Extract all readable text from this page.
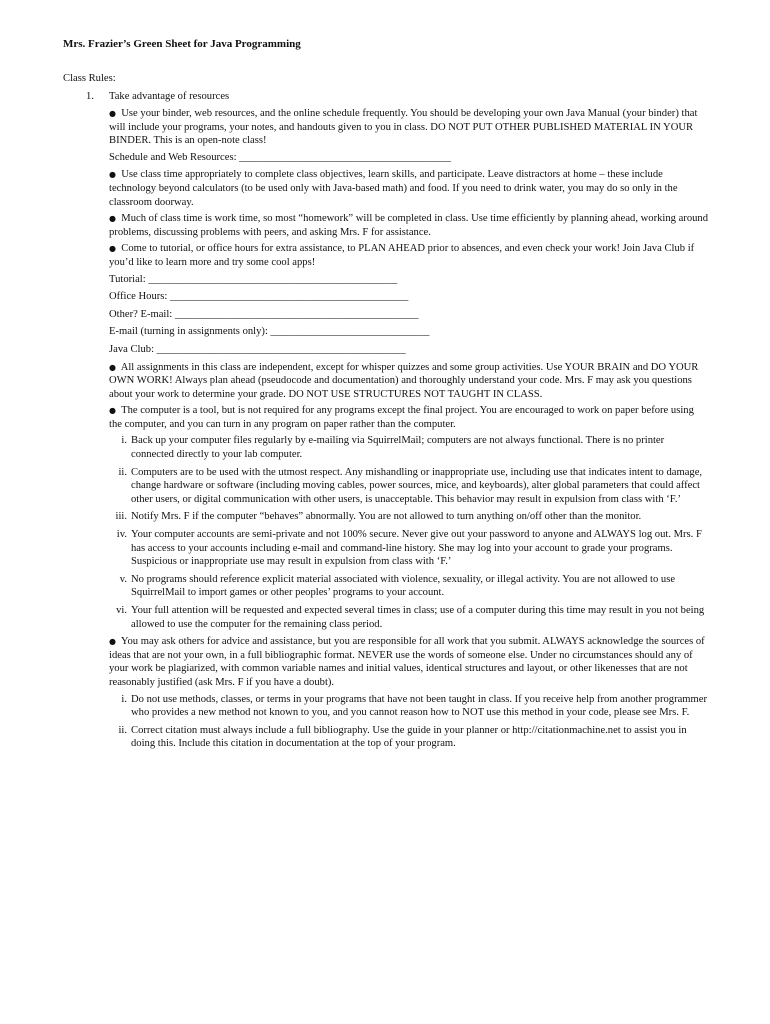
Mrs. Frazier’s Green Sheet for Java Programming
Class Rules:
1. Take advantage of resources
● Use your binder, web resources, and the online schedule frequently. You should be developing your own Java Manual (your binder) that will include your programs, your notes, and handouts given to you in class. DO NOT PUT OTHER PUBLISHED MATERIAL IN YOUR BINDER. This is an open-note class!
Schedule and Web Resources: ________________________________________
● Use class time appropriately to complete class objectives, learn skills, and participate. Leave distractors at home – these include technology beyond calculators (to be used only with Java-based math) and food. If you need to drink water, you may do so only in the classroom doorway.
● Much of class time is work time, so most “homework” will be completed in class. Use time efficiently by planning ahead, working around problems, discussing problems with peers, and asking Mrs. F for assistance.
● Come to tutorial, or office hours for extra assistance, to PLAN AHEAD prior to absences, and even check your work! Join Java Club if you’d like to learn more and try some cool apps!
Tutorial: _______________________________________________
Office Hours: _____________________________________________
Other? E-mail: ______________________________________________
E-mail (turning in assignments only): ______________________________
Java Club: _______________________________________________
● All assignments in this class are independent, except for whisper quizzes and some group activities. Use YOUR BRAIN and DO YOUR OWN WORK! Always plan ahead (pseudocode and documentation) and thoroughly understand your code. Mrs. F may ask you questions about your work to determine your grade. DO NOT USE STRUCTURES NOT TAUGHT IN CLASS.
● The computer is a tool, but is not required for any programs except the final project. You are encouraged to work on paper before using the computer, and you can turn in any program on paper rather than the computer.
i. Back up your computer files regularly by e-mailing via SquirrelMail; computers are not always functional. There is no printer connected directly to your lab computer.
ii. Computers are to be used with the utmost respect. Any mishandling or inappropriate use, including use that indicates intent to damage, change hardware or software (including moving cables, power sources, mice, and keyboards), alter global parameters that could affect other users, or digital communication with other users, is unacceptable. This behavior may result in expulsion from class with ‘F.’
iii. Notify Mrs. F if the computer “behaves” abnormally. You are not allowed to turn anything on/off other than the monitor.
iv. Your computer accounts are semi-private and not 100% secure. Never give out your password to anyone and ALWAYS log out. Mrs. F has access to your accounts including e-mail and command-line history. She may log into your account to grade your programs. Suspicious or inappropriate use may result in expulsion from class with ‘F.’
v. No programs should reference explicit material associated with violence, sexuality, or illegal activity. You are not allowed to use SquirrelMail to import games or other peoples’ programs to your account.
vi. Your full attention will be requested and expected several times in class; use of a computer during this time may result in you not being allowed to use the computer for the remaining class period.
● You may ask others for advice and assistance, but you are responsible for all work that you submit. ALWAYS acknowledge the sources of ideas that are not your own, in a full bibliographic format. NEVER use the words of someone else. Under no circumstances should any of your work be plagiarized, with common variable names and initial values, identical structures and layout, or other likenesses that are not reasonably justified (ask Mrs. F if you have a doubt).
i. Do not use methods, classes, or terms in your programs that have not been taught in class. If you receive help from another programmer who provides a new method not known to you, and you cannot reason how to NOT use this method in your code, please see Mrs. F.
ii. Correct citation must always include a full bibliography. Use the guide in your planner or http://citationmachine.net to assist you in doing this. Include this citation in documentation at the top of your program.
